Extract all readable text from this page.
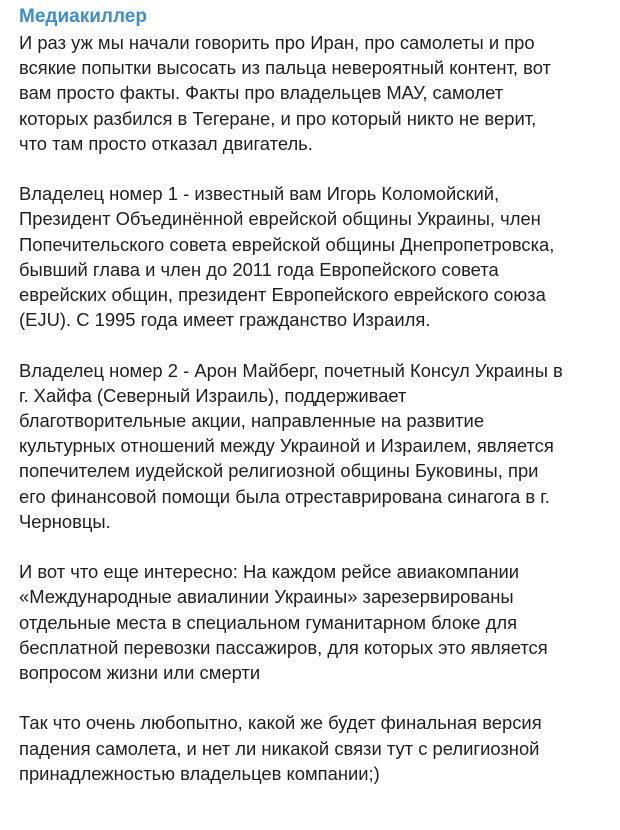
Медиакиллер

И раз уж мы начали говорить про Иран, про самолеты и про
всякие попытки высосать из пальца невероятный контент, вот
вам просто факты. Факты про владельцев МАУ, самолет
которых разбился в Тегеране, и про который никто не верит,
что там просто отказал двигатель.

Владелец номер 1 - известный вам Игорь Коломойский,
Президент Объединённой еврейской общины Украины, член
Попечительского совета еврейской общины Днепропетровска,
бывший глава и член до 2011 года Европейского совета
еврейских общин, президент Европейского еврейского союза
(EJU). С 1995 года имеет гражданство Израиля.

Владелец номер 2 - Арон Майберг, почетный Консул Украины в
г. Хайфа (Северный Израиль), поддерживает
благотворительные акции, направленные на развитие
культурных отношений между Украиной и Израилем, является
попечителем иудейской религиозной общины Буковины, при
его финансовой помощи была отреставрирована синагога в г.
Черновцы.

И вот что еще интересно: На каждом рейсе авиакомпании
«Международные авиалинии Украины» зарезервированы
отдельные места в специальном гуманитарном блоке для
бесплатной перевозки пассажиров, для которых это является
вопросом жизни или смерти

Так что очень любопытно, какой же будет финальная версия
падения самолета, и нет ли никакой связи тут с религиозной
принадлежностью владельцев компании;)
